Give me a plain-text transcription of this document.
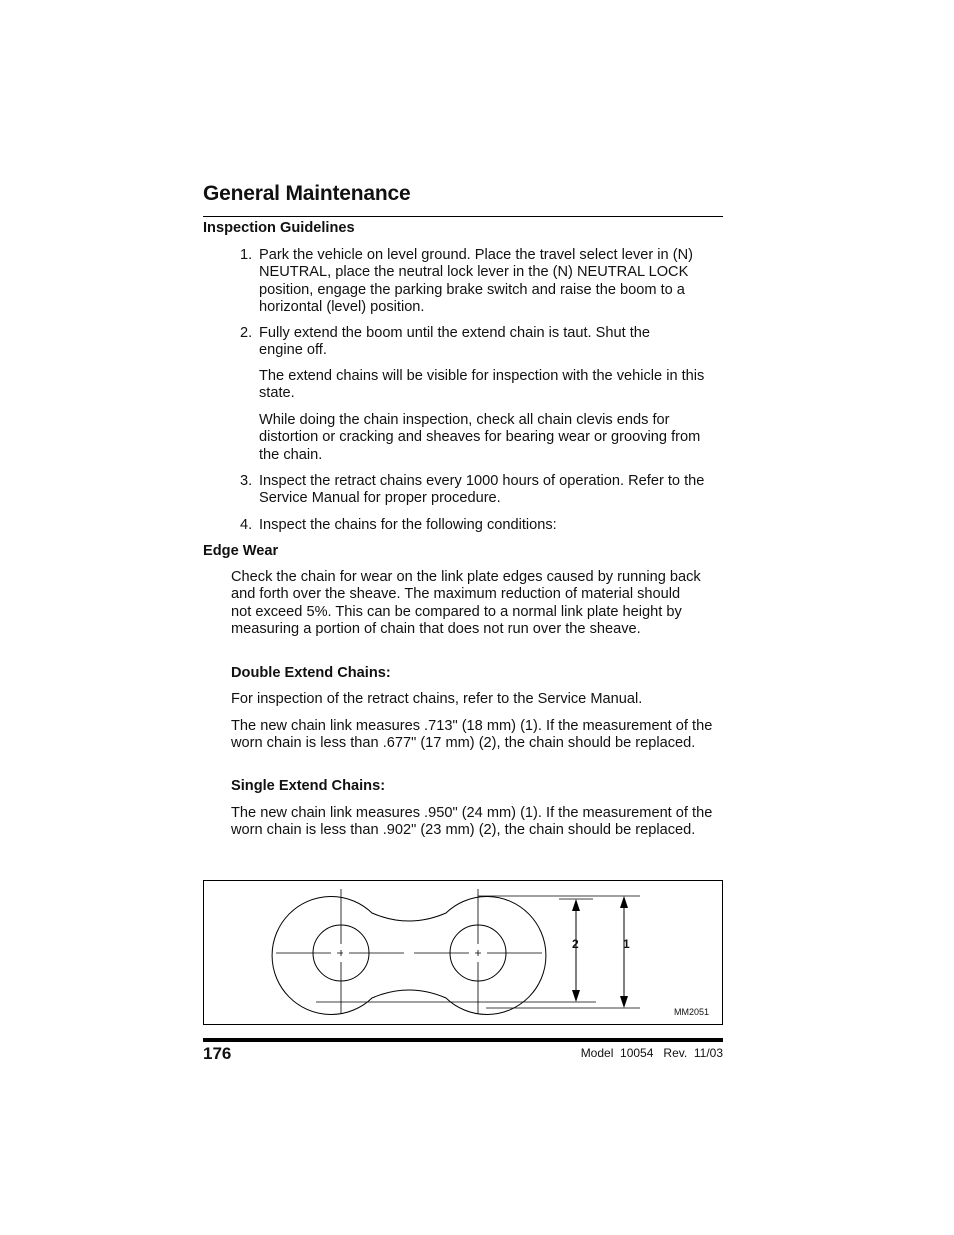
General Maintenance
Inspection Guidelines
1. Park the vehicle on level ground. Place the travel select lever in (N) NEUTRAL, place the neutral lock lever in the (N) NEUTRAL LOCK position, engage the parking brake switch and raise the boom to a horizontal (level) position.
2. Fully extend the boom until the extend chain is taut. Shut the engine off.
The extend chains will be visible for inspection with the vehicle in this state.
While doing the chain inspection, check all chain clevis ends for distortion or cracking and sheaves for bearing wear or grooving from the chain.
3. Inspect the retract chains every 1000 hours of operation. Refer to the Service Manual for proper procedure.
4. Inspect the chains for the following conditions:
Edge Wear
Check the chain for wear on the link plate edges caused by running back and forth over the sheave. The maximum reduction of material should not exceed 5%. This can be compared to a normal link plate height by measuring a portion of chain that does not run over the sheave.
Double Extend Chains:
For inspection of the retract chains, refer to the Service Manual.
The new chain link measures .713" (18 mm) (1). If the measurement of the worn chain is less than .677" (17 mm) (2), the chain should be replaced.
Single Extend Chains:
The new chain link measures .950" (24 mm) (1). If the measurement of the worn chain is less than .902" (23 mm) (2), the chain should be replaced.
2	1
MM2051
176	Model  10054   Rev.  11/03
